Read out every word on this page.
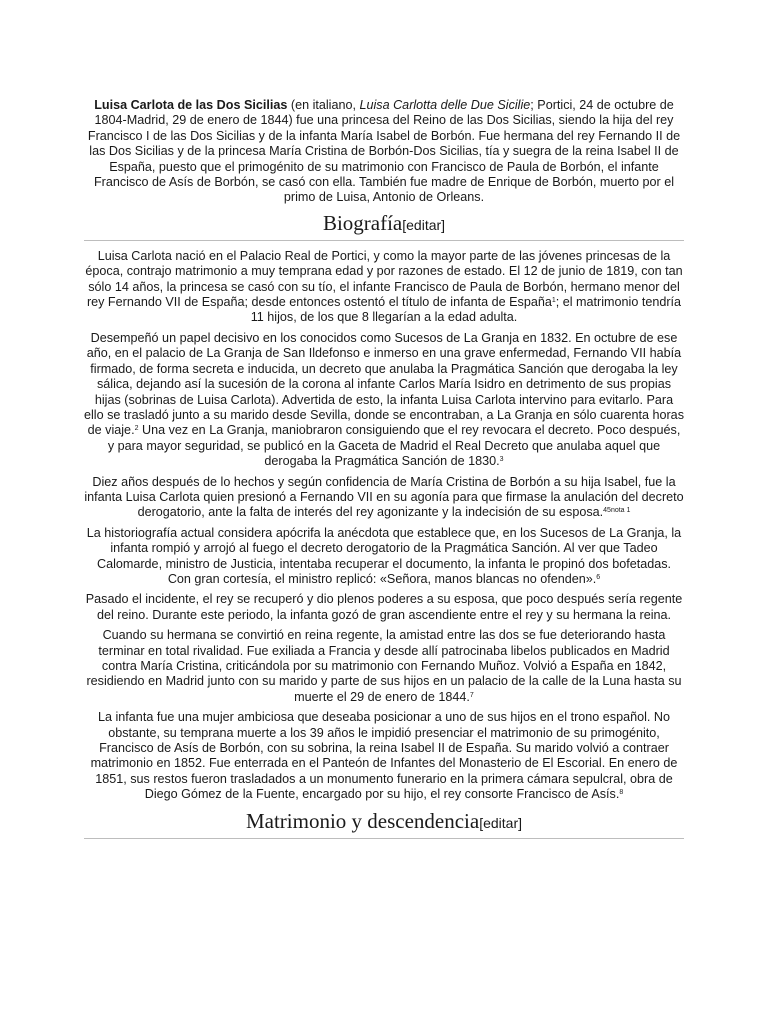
Luisa Carlota de las Dos Sicilias (en italiano, Luisa Carlotta delle Due Sicilie; Portici, 24 de octubre de 1804-Madrid, 29 de enero de 1844) fue una princesa del Reino de las Dos Sicilias, siendo la hija del rey Francisco I de las Dos Sicilias y de la infanta María Isabel de Borbón. Fue hermana del rey Fernando II de las Dos Sicilias y de la princesa María Cristina de Borbón-Dos Sicilias, tía y suegra de la reina Isabel II de España, puesto que el primogénito de su matrimonio con Francisco de Paula de Borbón, el infante Francisco de Asís de Borbón, se casó con ella. También fue madre de Enrique de Borbón, muerto por el primo de Luisa, Antonio de Orleans.

Biografía[editar]

Luisa Carlota nació en el Palacio Real de Portici, y como la mayor parte de las jóvenes princesas de la época, contrajo matrimonio a muy temprana edad y por razones de estado. El 12 de junio de 1819, con tan sólo 14 años, la princesa se casó con su tío, el infante Francisco de Paula de Borbón, hermano menor del rey Fernando VII de España; desde entonces ostentó el título de infanta de España$^1$; el matrimonio tendría 11 hijos, de los que 8 llegarían a la edad adulta.

Desempeñó un papel decisivo en los conocidos como Sucesos de La Granja en 1832. En octubre de ese año, en el palacio de La Granja de San Ildefonso e inmerso en una grave enfermedad, Fernando VII había firmado, de forma secreta e inducida, un decreto que anulaba la Pragmática Sanción que derogaba la ley sálica, dejando así la sucesión de la corona al infante Carlos María Isidro en detrimento de sus propias hijas (sobrinas de Luisa Carlota). Advertida de esto, la infanta Luisa Carlota intervino para evitarlo. Para ello se trasladó junto a su marido desde Sevilla, donde se encontraban, a La Granja en sólo cuarenta horas de viaje.$^2$ Una vez en La Granja, maniobraron consiguiendo que el rey revocara el decreto. Poco después, y para mayor seguridad, se publicó en la Gaceta de Madrid el Real Decreto que anulaba aquel que derogaba la Pragmática Sanción de 1830.$^3$

Diez años después de lo hechos y según confidencia de María Cristina de Borbón a su hija Isabel, fue la infanta Luisa Carlota quien presionó a Fernando VII en su agonía para que firmase la anulación del decreto derogatorio, ante la falta de interés del rey agonizante y la indecisión de su esposa.$^{45nota 1}$

La historiografía actual considera apócrifa la anécdota que establece que, en los Sucesos de La Granja, la infanta rompió y arrojó al fuego el decreto derogatorio de la Pragmática Sanción. Al ver que Tadeo Calomarde, ministro de Justicia, intentaba recuperar el documento, la infanta le propinó dos bofetadas. Con gran cortesía, el ministro replicó: «Señora, manos blancas no ofenden».$^6$

Pasado el incidente, el rey se recuperó y dio plenos poderes a su esposa, que poco después sería regente del reino. Durante este periodo, la infanta gozó de gran ascendiente entre el rey y su hermana la reina.

Cuando su hermana se convirtió en reina regente, la amistad entre las dos se fue deteriorando hasta terminar en total rivalidad. Fue exiliada a Francia y desde allí patrocinaba libelos publicados en Madrid contra María Cristina, criticándola por su matrimonio con Fernando Muñoz. Volvió a España en 1842, residiendo en Madrid junto con su marido y parte de sus hijos en un palacio de la calle de la Luna hasta su muerte el 29 de enero de 1844.$^7$

La infanta fue una mujer ambiciosa que deseaba posicionar a uno de sus hijos en el trono español. No obstante, su temprana muerte a los 39 años le impidió presenciar el matrimonio de su primogénito, Francisco de Asís de Borbón, con su sobrina, la reina Isabel II de España. Su marido volvió a contraer matrimonio en 1852. Fue enterrada en el Panteón de Infantes del Monasterio de El Escorial. En enero de 1851, sus restos fueron trasladados a un monumento funerario en la primera cámara sepulcral, obra de Diego Gómez de la Fuente, encargado por su hijo, el rey consorte Francisco de Asís.$^8$

Matrimonio y descendencia[editar]
